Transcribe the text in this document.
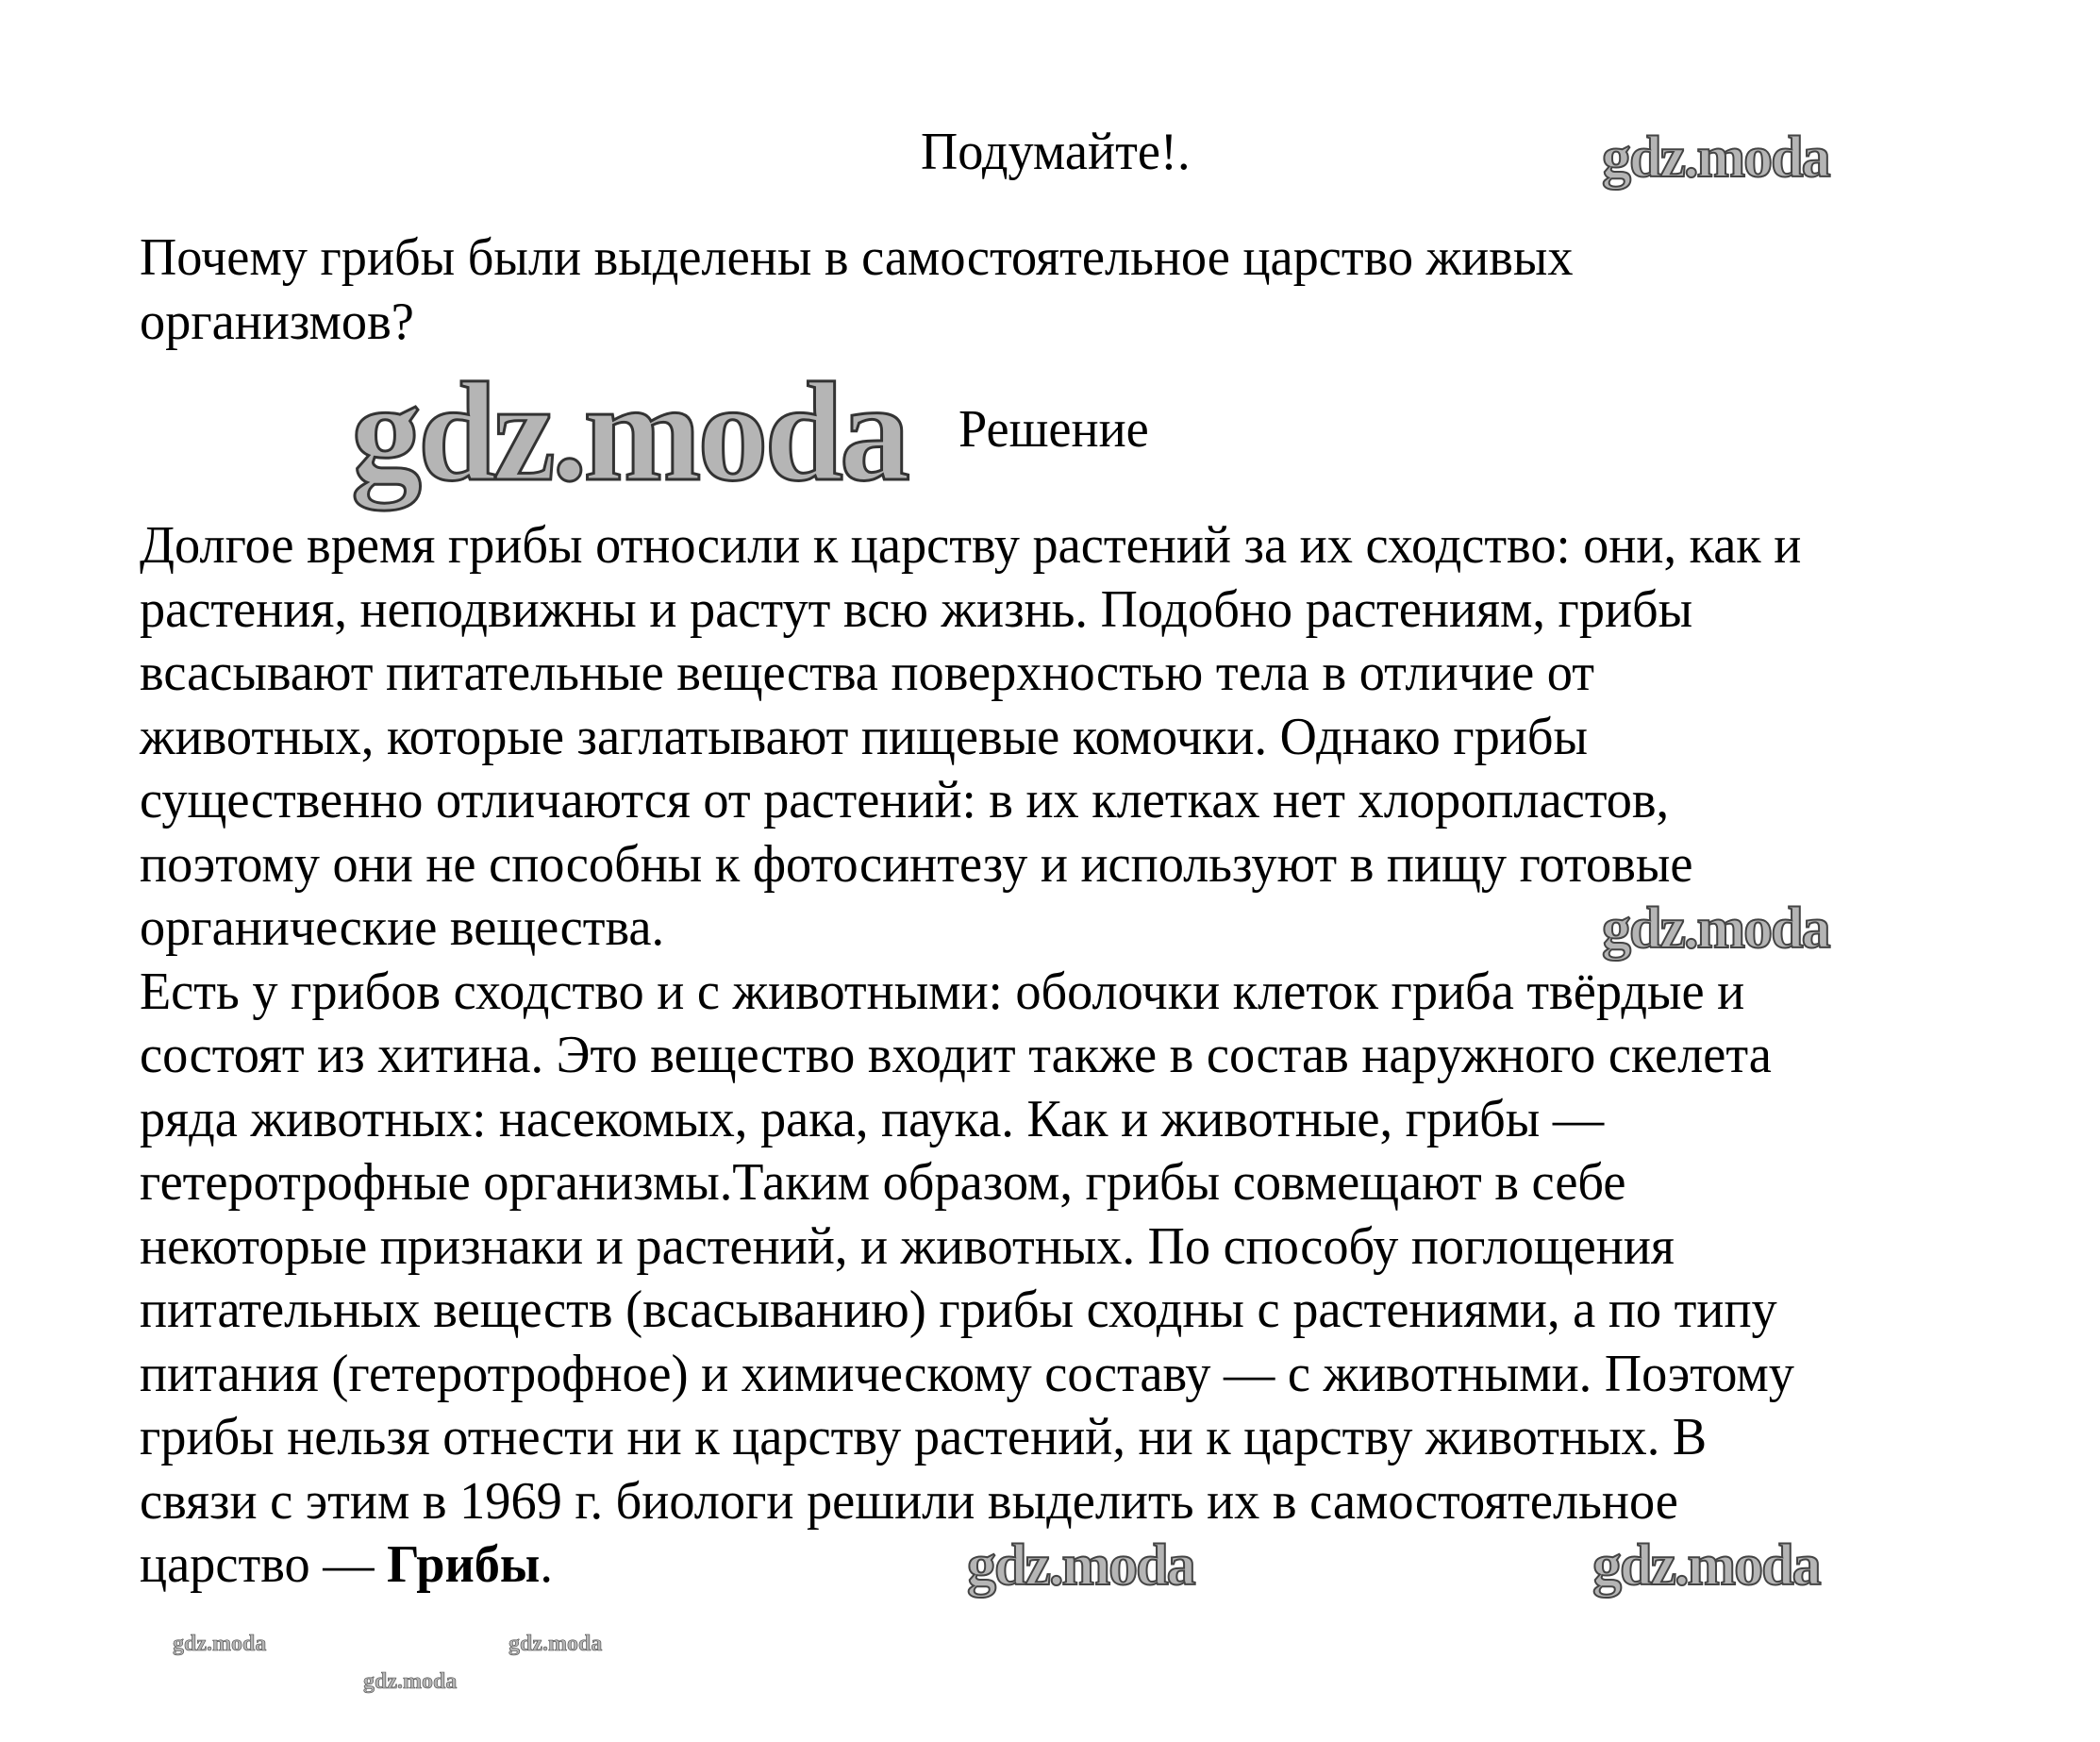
Подумайте!.
Почему грибы были выделены в самостоятельное царство живых
организмов?
Решение
Долгое время грибы относили к царству растений за их сходство: они, как и
растения, неподвижны и растут всю жизнь. Подобно растениям, грибы
всасывают питательные вещества поверхностью тела в отличие от
животных, которые заглатывают пищевые комочки. Однако грибы
существенно отличаются от растений: в их клетках нет хлоропластов,
поэтому они не способны к фотосинтезу и используют в пищу готовые
органические вещества.
Есть у грибов сходство и с животными: оболочки клеток гриба твёрдые и
состоят из хитина. Это вещество входит также в состав наружного скелета
ряда животных: насекомых, рака, паука. Как и животные, грибы —
гетеротрофные организмы.Таким образом, грибы совмещают в себе
некоторые признаки и растений, и животных. По способу поглощения
питательных веществ (всасыванию) грибы сходны с растениями, а по типу
питания (гетеротрофное) и химическому составу — с животными. Поэтому
грибы нельзя отнести ни к царству растений, ни к царству животных. В
связи с этим в 1969 г. биологи решили выделить их в самостоятельное
царство — Грибы.
gdz.moda
gdz.moda
gdz.moda
gdz.moda	gdz.moda
gdz.moda	gdz.moda
gdz.moda
